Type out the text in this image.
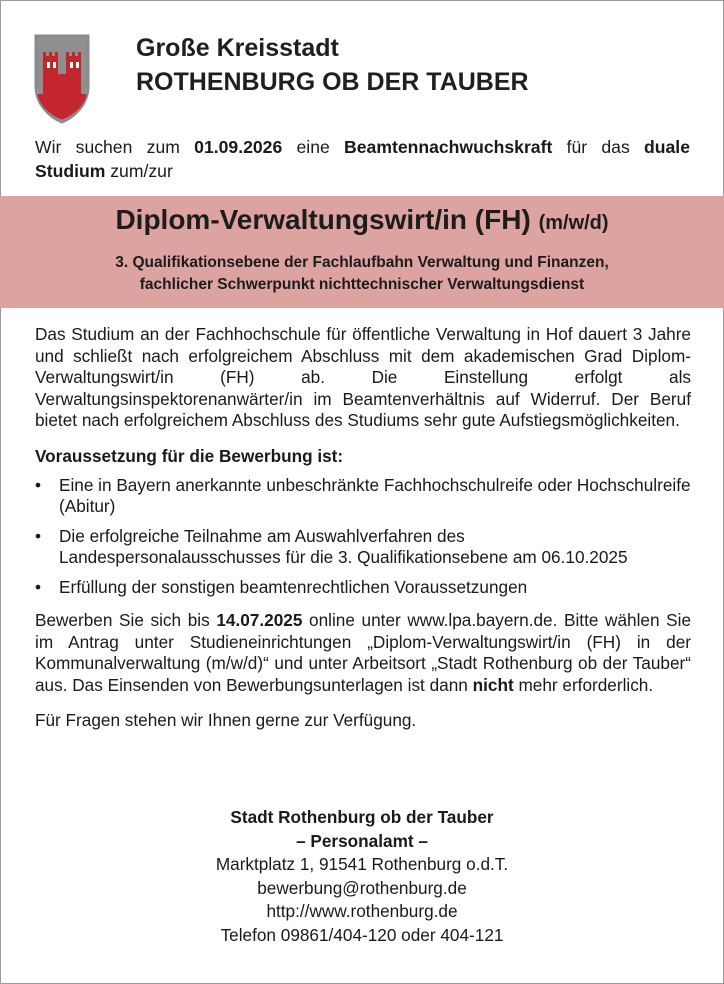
Große Kreisstadt
ROTHENBURG OB DER TAUBER
Wir suchen zum 01.09.2026 eine Beamtennachwuchskraft für das duale Studium zum/zur
Diplom-Verwaltungswirt/in (FH) (m/w/d)
3. Qualifikationsebene der Fachlaufbahn Verwaltung und Finanzen,
fachlicher Schwerpunkt nichttechnischer Verwaltungsdienst

Das Studium an der Fachhochschule für öffentliche Verwaltung in Hof dauert 3 Jahre und schließt nach erfolgreichem Abschluss mit dem akademischen Grad Diplom-Verwaltungswirt/in (FH) ab. Die Einstellung erfolgt als Verwaltungsinspektorenanwärter/in im Beamtenverhältnis auf Widerruf. Der Beruf bietet nach erfolgreichem Abschluss des Studiums sehr gute Aufstiegsmöglichkeiten.

Voraussetzung für die Bewerbung ist:
• Eine in Bayern anerkannte unbeschränkte Fachhochschulreife oder Hochschulreife (Abitur)
• Die erfolgreiche Teilnahme am Auswahlverfahren des Landespersonalausschusses für die 3. Qualifikationsebene am 06.10.2025
• Erfüllung der sonstigen beamtenrechtlichen Voraussetzungen

Bewerben Sie sich bis 14.07.2025 online unter www.lpa.bayern.de. Bitte wählen Sie im Antrag unter Studieneinrichtungen „Diplom-Verwaltungswirt/in (FH) in der Kommunalverwaltung (m/w/d)“ und unter Arbeitsort „Stadt Rothenburg ob der Tauber“ aus. Das Einsenden von Bewerbungsunterlagen ist dann nicht mehr erforderlich.

Für Fragen stehen wir Ihnen gerne zur Verfügung.

Stadt Rothenburg ob der Tauber
– Personalamt –
Marktplatz 1, 91541 Rothenburg o.d.T.
bewerbung@rothenburg.de
http://www.rothenburg.de
Telefon 09861/404-120 oder 404-121
